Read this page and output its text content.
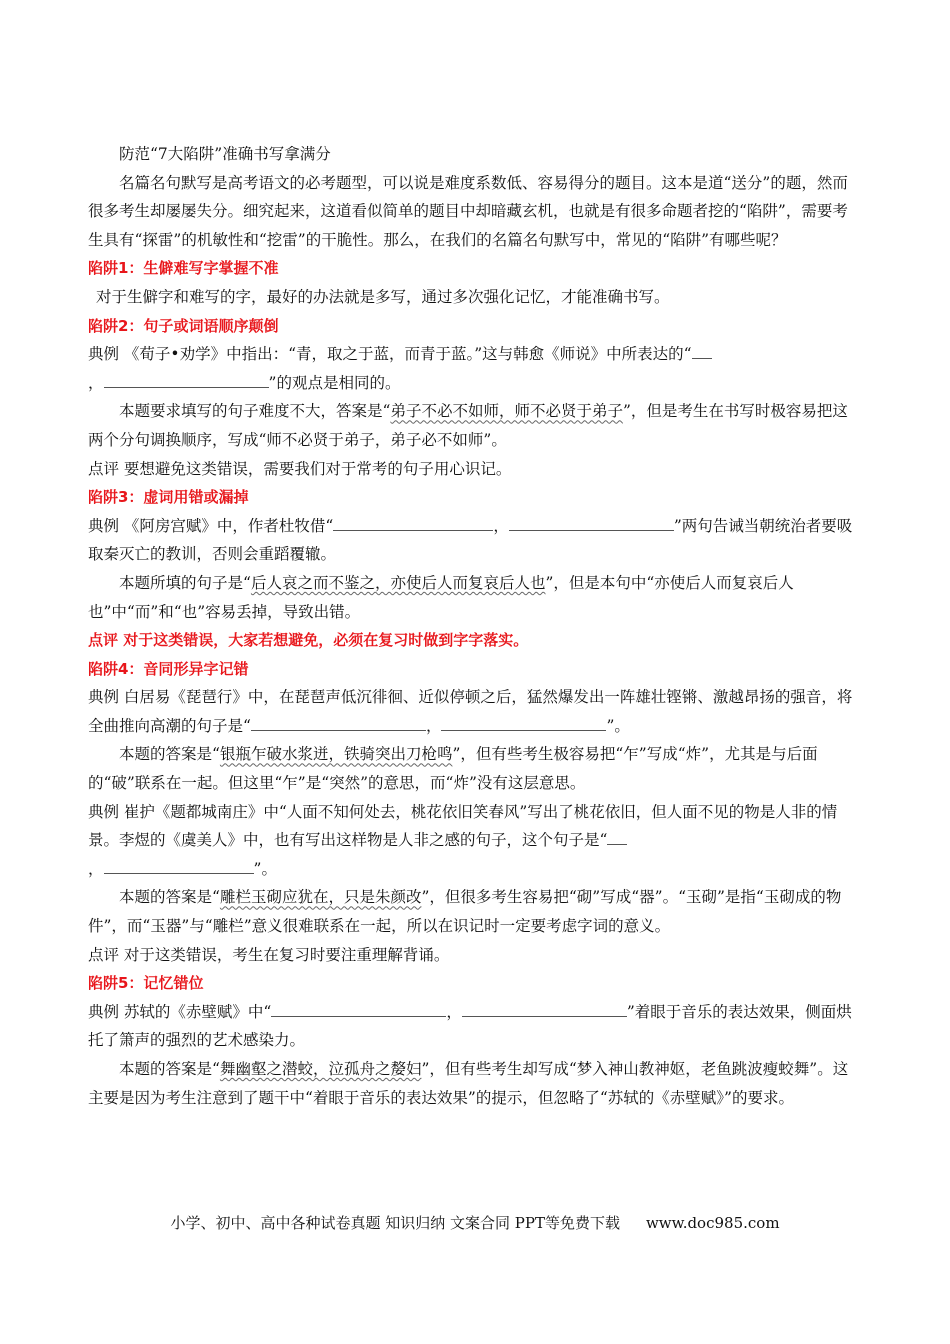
防范“7大陷阱”准确书写拿满分

名篇名句默写是高考语文的必考题型，可以说是难度系数低、容易得分的题目。这本是道“送分”的题，然而很多考生却屡屡失分。细究起来，这道看似简单的题目中却暗藏玄机，也就是有很多命题者挖的“陷阱”，需要考生具有“探雷”的机敏性和“挖雷”的干脆性。那么，在我们的名篇名句默写中，常见的“陷阱”有哪些呢？

陷阱1：生僻难写字掌握不准

对于生僻字和难写的字，最好的办法就是多写，通过多次强化记忆，才能准确书写。

陷阱2：句子或词语顺序颠倒

典例 《荀子•劝学》中指出：“青，取之于蓝，而青于蓝。”这与韩愈《师说》中所表达的“
，	”的观点是相同的。

本题要求填写的句子难度不大，答案是“弟子不必不如师，师不必贤于弟子”，但是考生在书写时极容易把这两个分句调换顺序，写成“师不必贤于弟子，弟子必不如师”。

点评 要想避免这类错误，需要我们对于常考的句子用心识记。

陷阱3：虚词用错或漏掉

典例 《阿房宫赋》中，作者杜牧借“	，	”两句告诫当朝统治者要吸取秦灭亡的教训，否则会重蹈覆辙。

本题所填的句子是“后人哀之而不鉴之，亦使后人而复哀后人也”，但是本句中“亦使后人而复哀后人也”中“而”和“也”容易丢掉，导致出错。

点评 对于这类错误，大家若想避免，必须在复习时做到字字落实。

陷阱4：音同形异字记错

典例 白居易《琵琶行》中，在琵琶声低沉徘徊、近似停顿之后，猛然爆发出一阵雄壮铿锵、激越昂扬的强音，将全曲推向高潮的句子是“	，	”。

本题的答案是“银瓶乍破水浆迸，铁骑突出刀枪鸣”，但有些考生极容易把“乍”写成“炸”，尤其是与后面的“破”联系在一起。但这里“乍”是“突然”的意思，而“炸”没有这层意思。

典例 崔护《题都城南庄》中“人面不知何处去，桃花依旧笑春风”写出了桃花依旧，但人面不见的物是人非的情景。李煜的《虞美人》中，也有写出这样物是人非之感的句子，这个句子是“
，	”。

本题的答案是“雕栏玉砌应犹在，只是朱颜改”，但很多考生容易把“砌”写成“器”。“玉砌”是指“玉砌成的物件”，而“玉器”与“雕栏”意义很难联系在一起，所以在识记时一定要考虑字词的意义。

点评 对于这类错误，考生在复习时要注重理解背诵。

陷阱5：记忆错位

典例 苏轼的《赤壁赋》中“	，	”着眼于音乐的表达效果，侧面烘托了箫声的强烈的艺术感染力。

本题的答案是“舞幽壑之潜蛟，泣孤舟之嫠妇”，但有些考生却写成“梦入神山教神妪，老鱼跳波瘦蛟舞”。这主要是因为考生注意到了题干中“着眼于音乐的表达效果”的提示，但忽略了“苏轼的《赤壁赋》”的要求。

小学、初中、高中各种试卷真题 知识归纳 文案合同 PPT等免费下载 www.doc985.com
